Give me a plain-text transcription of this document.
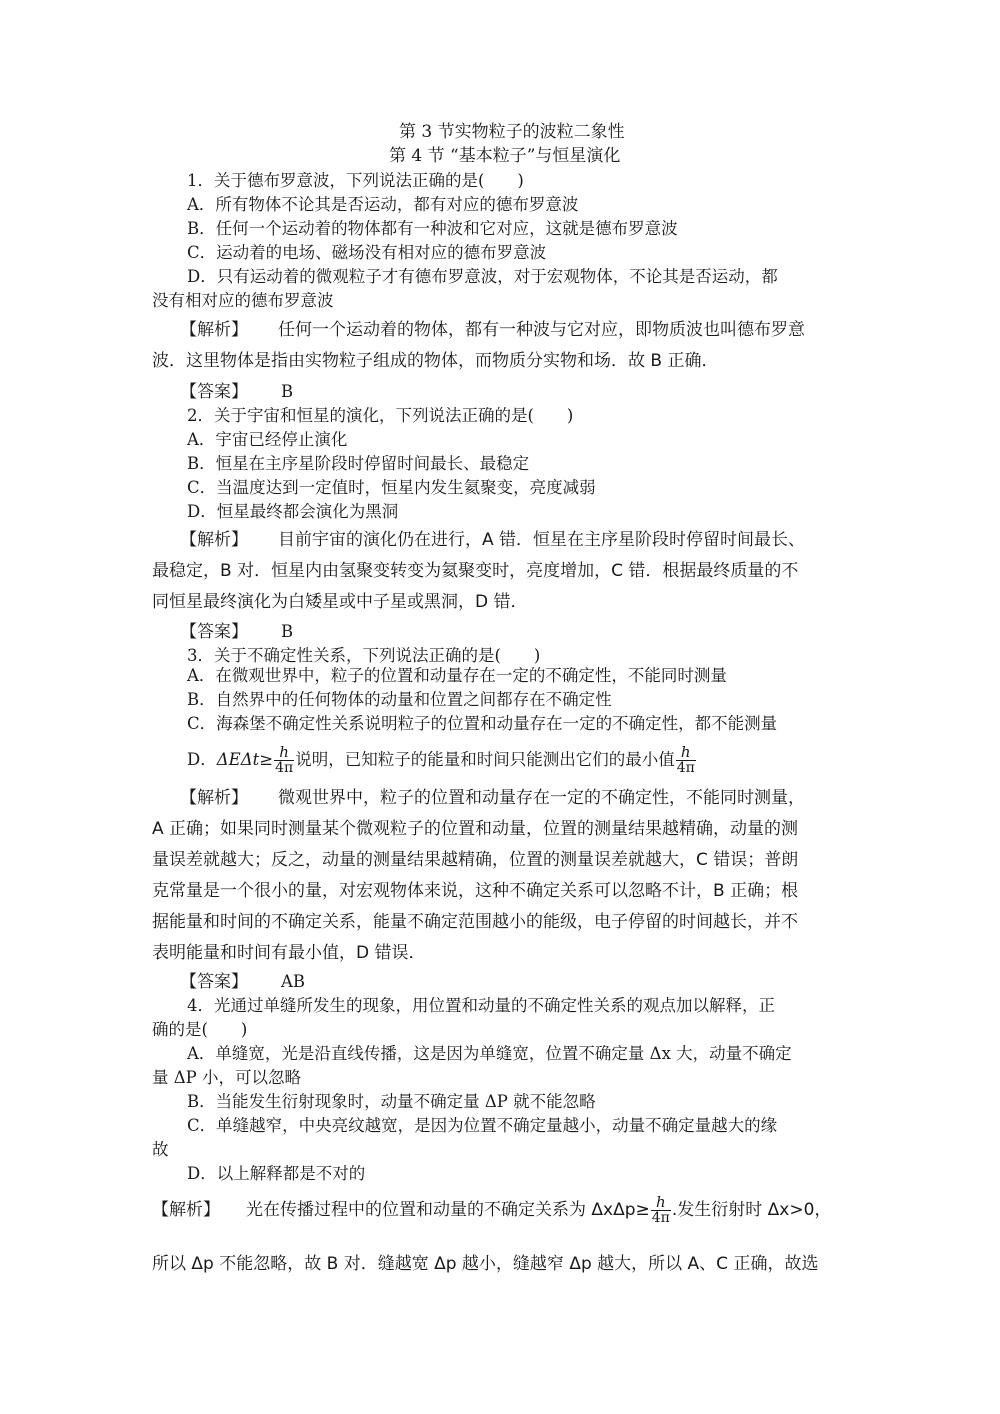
第 3 节实物粒子的波粒二象性
第 4 节 “基本粒子”与恒星演化
1．关于德布罗意波，下列说法正确的是(　　)
A．所有物体不论其是否运动，都有对应的德布罗意波
B．任何一个运动着的物体都有一种波和它对应，这就是德布罗意波
C．运动着的电场、磁场没有相对应的德布罗意波
D．只有运动着的微观粒子才有德布罗意波，对于宏观物体，不论其是否运动，都
没有相对应的德布罗意波
【解析】 任何一个运动着的物体，都有一种波与它对应，即物质波也叫德布罗意
波．这里物体是指由实物粒子组成的物体，而物质分实物和场．故 B 正确．
【答案】 B
2．关于宇宙和恒星的演化，下列说法正确的是(　　)
A．宇宙已经停止演化
B．恒星在主序星阶段时停留时间最长、最稳定
C．当温度达到一定值时，恒星内发生氦聚变，亮度减弱
D．恒星最终都会演化为黑洞
【解析】 目前宇宙的演化仍在进行，A 错．恒星在主序星阶段时停留时间最长、
最稳定，B 对．恒星内由氢聚变转变为氦聚变时，亮度增加，C 错．根据最终质量的不
同恒星最终演化为白矮星或中子星或黑洞，D 错．
【答案】 B
3．关于不确定性关系，下列说法正确的是(　　)
A．在微观世界中，粒子的位置和动量存在一定的不确定性，不能同时测量
B．自然界中的任何物体的动量和位置之间都存在不确定性
C．海森堡不确定性关系说明粒子的位置和动量存在一定的不确定性，都不能测量
D． $\Delta E\Delta t\ge \frac{h}{4\pi}$ 说明，已知粒子的能量和时间只能测出它们的最小值 $\frac{h}{4\pi}$
【解析】 微观世界中，粒子的位置和动量存在一定的不确定性，不能同时测量，
A 正确；如果同时测量某个微观粒子的位置和动量，位置的测量结果越精确，动量的测
量误差就越大；反之，动量的测量结果越精确，位置的测量误差就越大，C 错误；普朗
克常量是一个很小的量，对宏观物体来说，这种不确定关系可以忽略不计，B 正确；根
据能量和时间的不确定关系，能量不确定范围越小的能级，电子停留的时间越长，并不
表明能量和时间有最小值，D 错误．
【答案】 AB
4．光通过单缝所发生的现象，用位置和动量的不确定性关系的观点加以解释，正
确的是(　　)
A．单缝宽，光是沿直线传播，这是因为单缝宽，位置不确定量 Δx 大，动量不确定
量 ΔP 小，可以忽略
B．当能发生衍射现象时，动量不确定量 ΔP 就不能忽略
C．单缝越窄，中央亮纹越宽，是因为位置不确定量越小，动量不确定量越大的缘
故
D．以上解释都是不对的
【解析】 光在传播过程中的位置和动量的不确定关系为 $\Delta x\Delta p\ge \frac{h}{4\pi}$ .发生衍射时 Δx>0，
所以 Δp 不能忽略，故 B 对．缝越宽 Δp 越小，缝越窄 Δp 越大，所以 A、C 正确，故选
